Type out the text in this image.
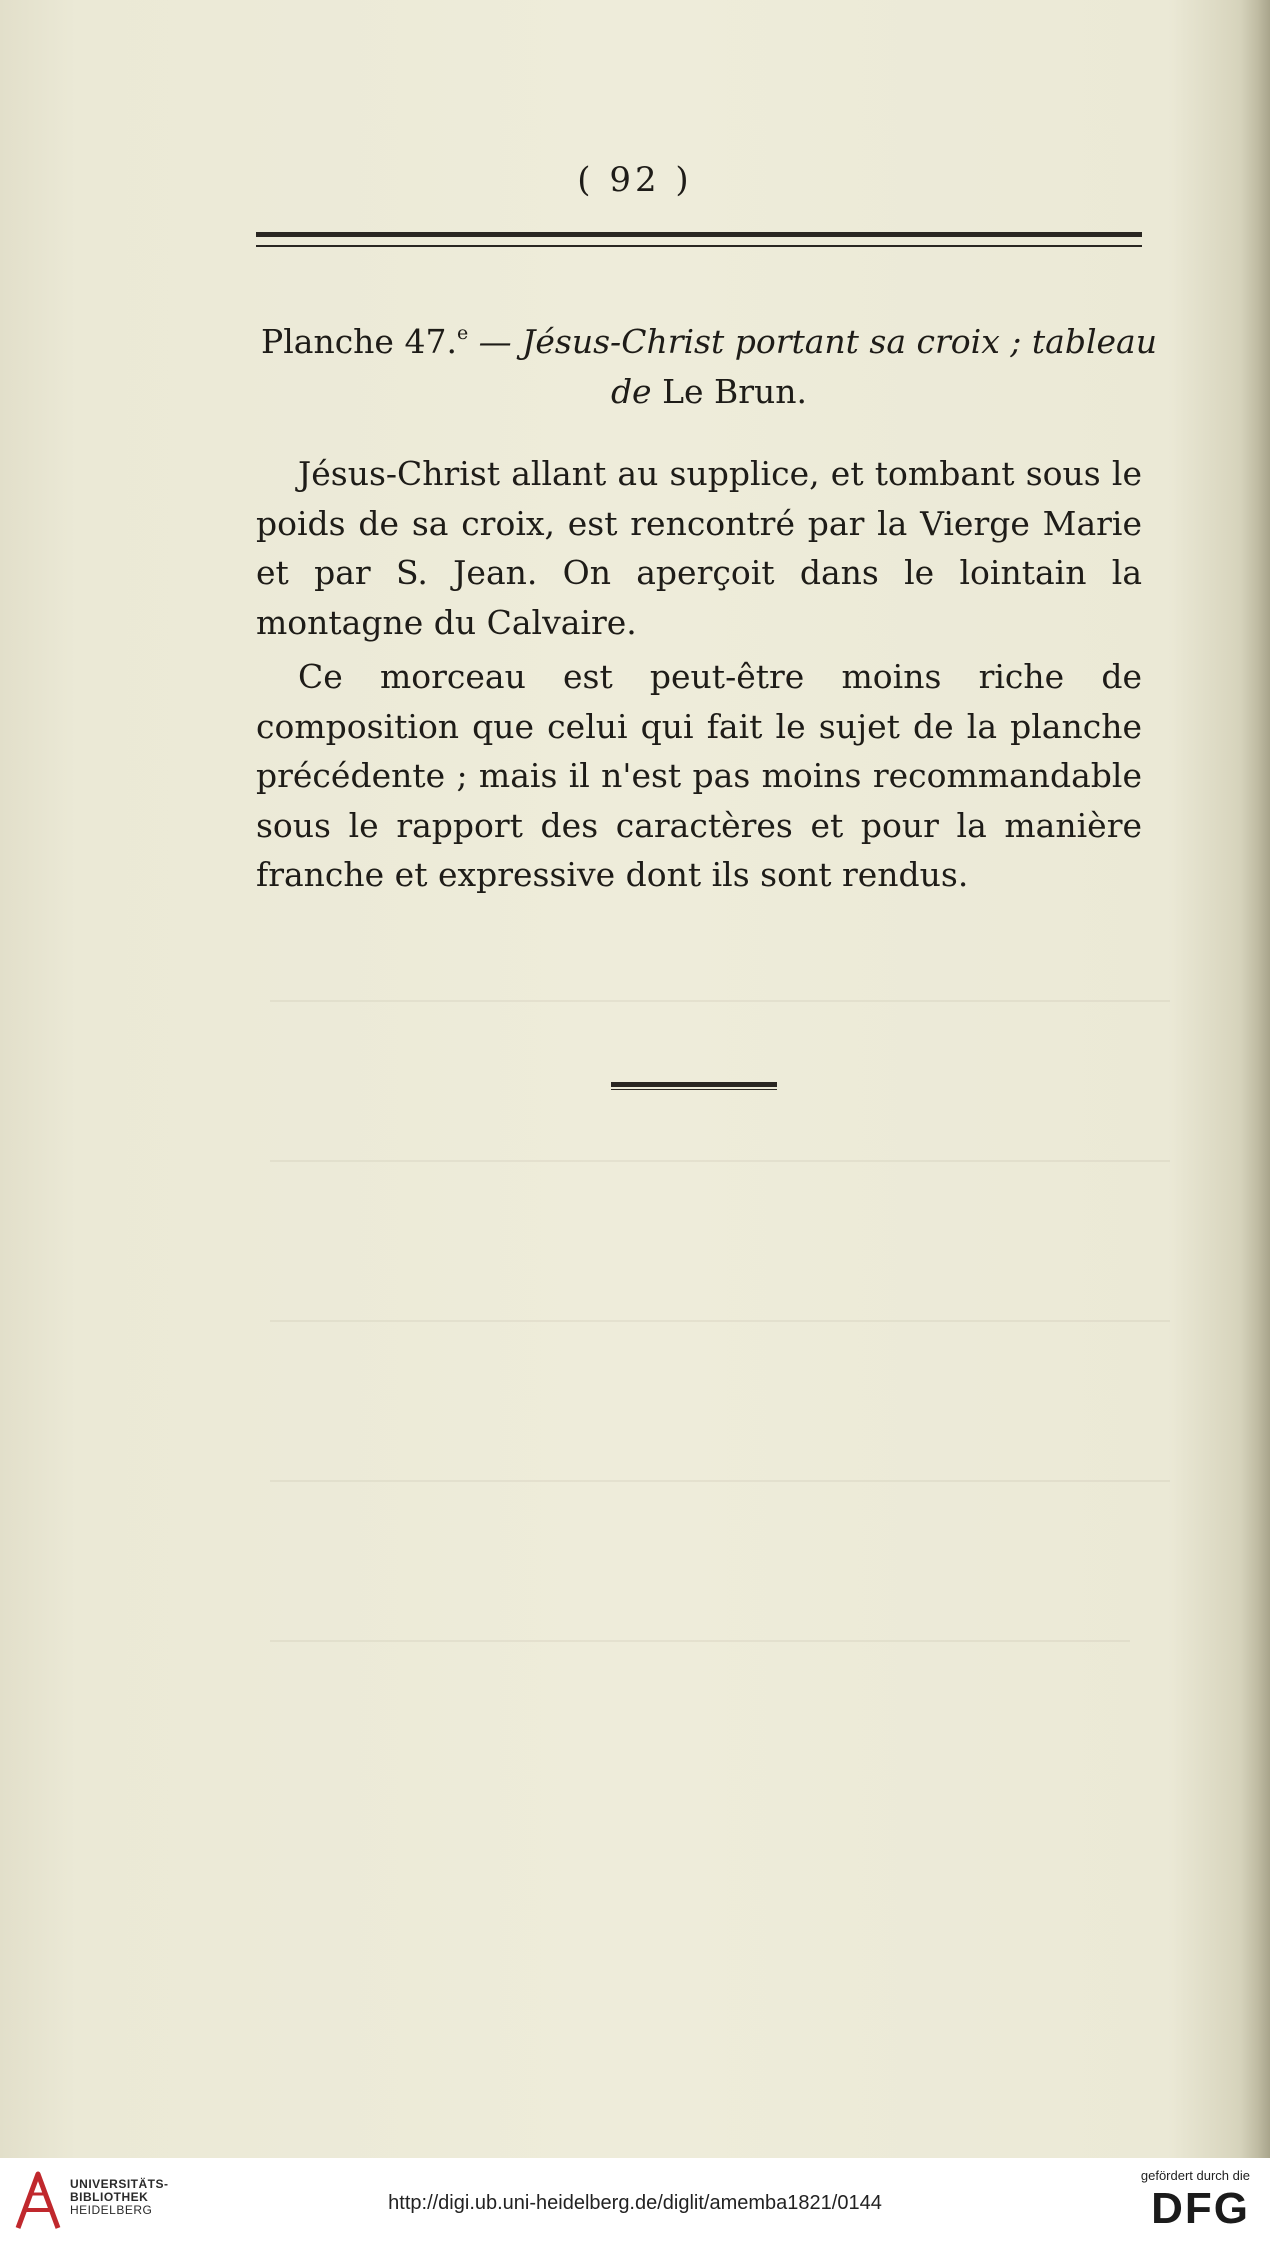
( 92 )
Planche 47.$^e$ — Jésus-Christ portant sa croix ; tableau
de Le Brun.
Jésus-Christ allant au supplice, et tombant sous le poids de sa croix, est rencontré par la Vierge Marie et par S. Jean. On aperçoit dans le lointain la montagne du Calvaire.
Ce morceau est peut-être moins riche de composition que celui qui fait le sujet de la planche précédente ; mais il n'est pas moins recommandable sous le rapport des caractères et pour la manière franche et expressive dont ils sont rendus.
UNIVERSITÄTS-
BIBLIOTHEK
HEIDELBERG	http://digi.ub.uni-heidelberg.de/diglit/amemba1821/0144
gefördert durch die
DFG
